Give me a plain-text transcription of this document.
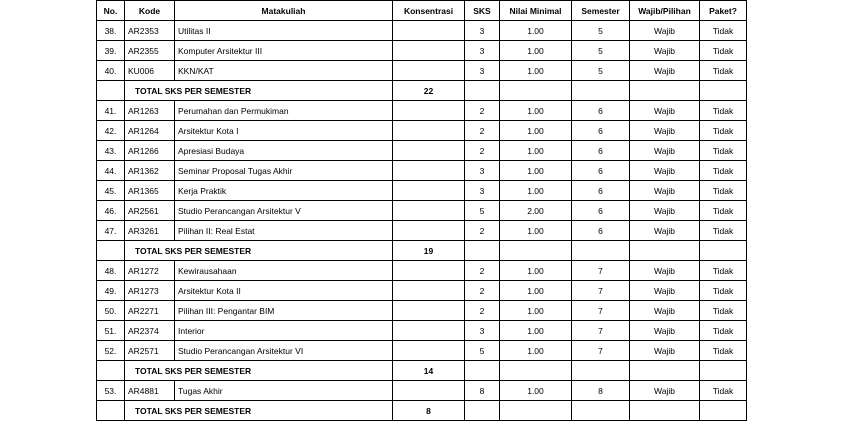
No.	Kode	Matakuliah	Konsentrasi	SKS	Nilai Minimal	Semester	Wajib/Pilihan	Paket?
38.	AR2353	Utilitas II		3	1.00	5	Wajib	Tidak
39.	AR2355	Komputer Arsitektur III		3	1.00	5	Wajib	Tidak
40.	KU006	KKN/KAT		3	1.00	5	Wajib	Tidak
	TOTAL SKS PER SEMESTER		22					
41.	AR1263	Perumahan dan Permukiman		2	1.00	6	Wajib	Tidak
42.	AR1264	Arsitektur Kota I		2	1.00	6	Wajib	Tidak
43.	AR1266	Apresiasi Budaya		2	1.00	6	Wajib	Tidak
44.	AR1362	Seminar Proposal Tugas Akhir		3	1.00	6	Wajib	Tidak
45.	AR1365	Kerja Praktik		3	1.00	6	Wajib	Tidak
46.	AR2561	Studio Perancangan Arsitektur V		5	2.00	6	Wajib	Tidak
47.	AR3261	Pilihan II: Real Estat		2	1.00	6	Wajib	Tidak
	TOTAL SKS PER SEMESTER		19					
48.	AR1272	Kewirausahaan		2	1.00	7	Wajib	Tidak
49.	AR1273	Arsitektur Kota II		2	1.00	7	Wajib	Tidak
50.	AR2271	Pilihan III: Pengantar BIM		2	1.00	7	Wajib	Tidak
51.	AR2374	Interior		3	1.00	7	Wajib	Tidak
52.	AR2571	Studio Perancangan Arsitektur VI		5	1.00	7	Wajib	Tidak
	TOTAL SKS PER SEMESTER		14					
53.	AR4881	Tugas Akhir		8	1.00	8	Wajib	Tidak
	TOTAL SKS PER SEMESTER		8					
